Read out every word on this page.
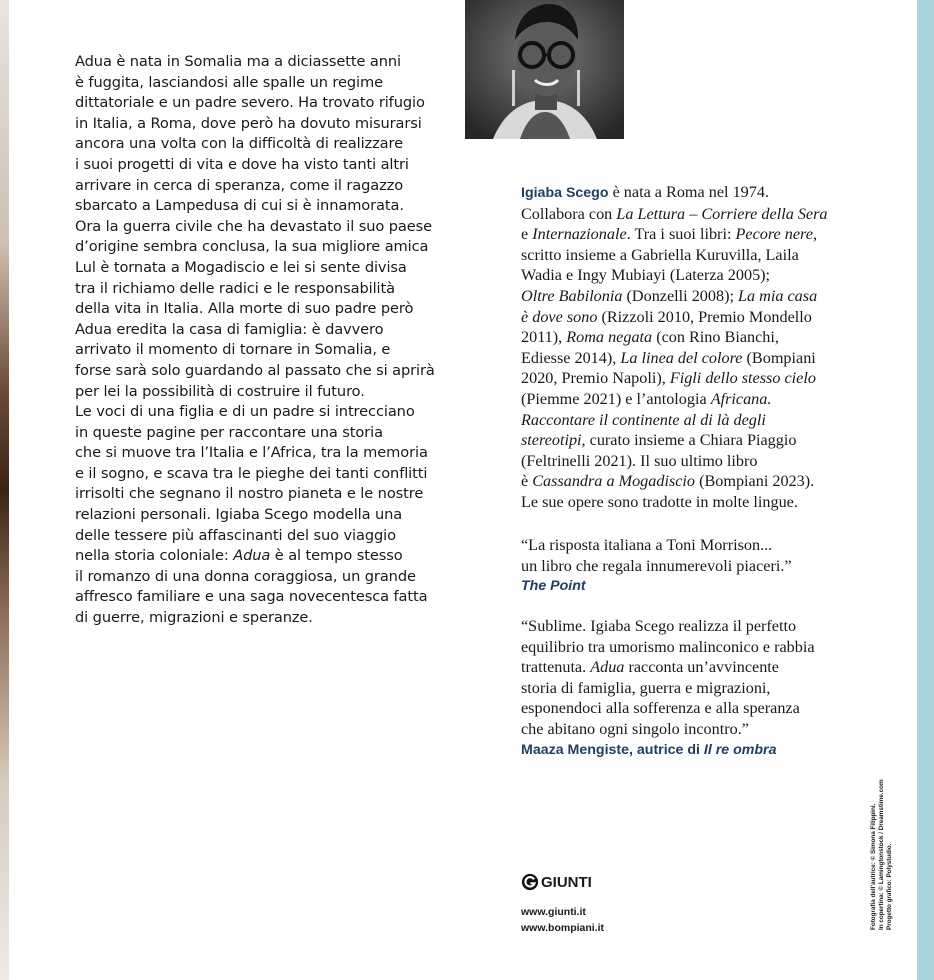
Adua è nata in Somalia ma a diciassette anni

è fuggita, lasciandosi alle spalle un regime

dittatoriale e un padre severo. Ha trovato rifugio

in Italia, a Roma, dove però ha dovuto misurarsi

ancora una volta con la difficoltà di realizzare

i suoi progetti di vita e dove ha visto tanti altri

arrivare in cerca di speranza, come il ragazzo

sbarcato a Lampedusa di cui si è innamorata.

Ora la guerra civile che ha devastato il suo paese

d’origine sembra conclusa, la sua migliore amica

Lul è tornata a Mogadiscio e lei si sente divisa

tra il richiamo delle radici e le responsabilità

della vita in Italia. Alla morte di suo padre però

Adua eredita la casa di famiglia: è davvero

arrivato il momento di tornare in Somalia, e

forse sarà solo guardando al passato che si aprirà

per lei la possibilità di costruire il futuro.

Le voci di una figlia e di un padre si intrecciano

in queste pagine per raccontare una storia

che si muove tra l’Italia e l’Africa, tra la memoria

e il sogno, e scava tra le pieghe dei tanti conflitti

irrisolti che segnano il nostro pianeta e le nostre

relazioni personali. Igiaba Scego modella una

delle tessere più affascinanti del suo viaggio

nella storia coloniale: Adua è al tempo stesso

il romanzo di una donna coraggiosa, un grande

affresco familiare e una saga novecentesca fatta

di guerre, migrazioni e speranze.

Igiaba Scego è nata a Roma nel 1974.

Collabora con La Lettura – Corriere della Sera

e Internazionale. Tra i suoi libri: Pecore nere,

scritto insieme a Gabriella Kuruvilla, Laila

Wadia e Ingy Mubiayi (Laterza 2005);

Oltre Babilonia (Donzelli 2008); La mia casa

è dove sono (Rizzoli 2010, Premio Mondello

2011), Roma negata (con Rino Bianchi,

Ediesse 2014), La linea del colore (Bompiani

2020, Premio Napoli), Figli dello stesso cielo

(Piemme 2021) e l’antologia Africana.

Raccontare il continente al di là degli

stereotipi, curato insieme a Chiara Piaggio

(Feltrinelli 2021). Il suo ultimo libro

è Cassandra a Mogadiscio (Bompiani 2023).

Le sue opere sono tradotte in molte lingue.

“La risposta italiana a Toni Morrison...

un libro che regala innumerevoli piaceri.”

The Point

“Sublime. Igiaba Scego realizza il perfetto

equilibrio tra umorismo malinconico e rabbia

trattenuta. Adua racconta un’avvincente

storia di famiglia, guerra e migrazioni,

esponendoci alla sofferenza e alla speranza

che abitano ogni singolo incontro.”

Maaza Mengiste, autrice di Il re ombra

GIUNTI
www.giunti.it
www.bompiani.it	Fotografia dell’autrice: © Simona Filippini. In copertina: © Lamingtonstock / Dreamstime.com Progetto grafico: Polystudio.
